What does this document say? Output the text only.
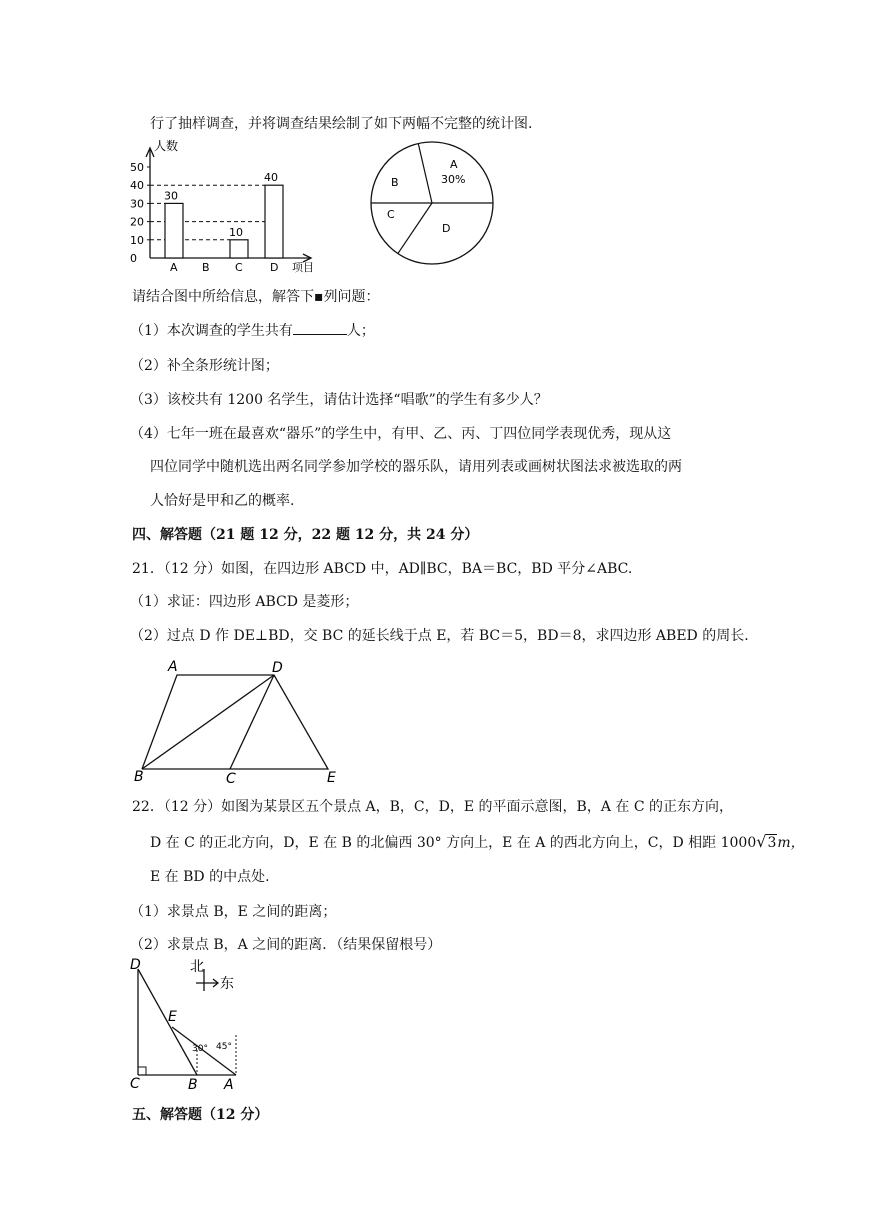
行了抽样调查，并将调查结果绘制了如下两幅不完整的统计图.
人数
项目
0
10
20
30
40
50
30
A B
10
C
40
D
A
30%
B
C
D
请结合图中所给信息，解答下▪列问题：
（1）本次调查的学生共有	人；
（2）补全条形统计图；
（3）该校共有 1200 名学生，请估计选择“唱歌”的学生有多少人？
（4）七年一班在最喜欢“器乐”的学生中，有甲、乙、丙、丁四位同学表现优秀，现从这
四位同学中随机选出两名同学参加学校的器乐队，请用列表或画树状图法求被选取的两
人恰好是甲和乙的概率.
四、解答题（21 题 12 分，22 题 12 分，共 24 分）
21．（12 分）如图，在四边形 ABCD 中，AD∥BC，BA＝BC，BD 平分∠ABC.
（1）求证：四边形 ABCD 是菱形；
（2）过点 D 作 DE⊥BD，交 BC 的延长线于点 E，若 BC＝5，BD＝8，求四边形 ABED 的周长.
A	D
B	C	E
22．（12 分）如图为某景区五个景点 A，B，C，D，E 的平面示意图，B，A 在 C 的正东方向，
D 在 C 的正北方向，D，E 在 B 的北偏西 30° 方向上，E 在 A 的西北方向上，C，D 相距 1000√3m，
E 在 BD 的中点处.
（1）求景点 B，E 之间的距离；
（2）求景点 B，A 之间的距离．（结果保留根号）
北
东
D
E
C	B A
30° 45°
五、解答题（12 分）
